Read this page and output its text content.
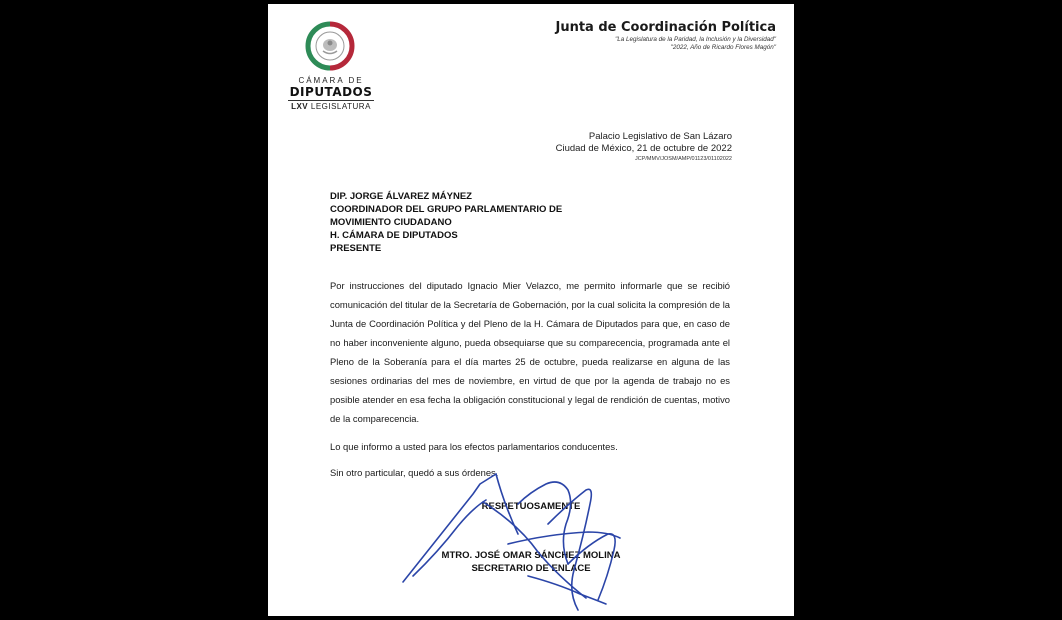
CÁMARA DE
DIPUTADOS
LXV LEGISLATURA
Junta de Coordinación Política
"La Legislatura de la Paridad, la Inclusión y la Diversidad"
"2022, Año de Ricardo Flores Magón"
Palacio Legislativo de San Lázaro
Ciudad de México, 21 de octubre de 2022
JCP/MMV/JOSM/AMP/01123/01102022
DIP. JORGE ÁLVAREZ MÁYNEZ
COORDINADOR DEL GRUPO PARLAMENTARIO DE
MOVIMIENTO CIUDADANO
H. CÁMARA DE DIPUTADOS
PRESENTE

Por instrucciones del diputado Ignacio Mier Velazco, me permito informarle que se recibió comunicación del titular de la Secretaría de Gobernación, por la cual solicita la compresión de la Junta de Coordinación Política y del Pleno de la H. Cámara de Diputados para que, en caso de no haber inconveniente alguno, pueda obsequiarse que su comparecencia, programada ante el Pleno de la Soberanía para el día martes 25 de octubre, pueda realizarse en alguna de las sesiones ordinarias del mes de noviembre, en virtud de que por la agenda de trabajo no es posible atender en esa fecha la obligación constitucional y legal de rendición de cuentas, motivo de la comparecencia.

Lo que informo a usted para los efectos parlamentarios conducentes.

Sin otro particular, quedó a sus órdenes.

RESPETUOSAMENTE
MTRO. JOSÉ OMAR SÁNCHEZ MOLINA
SECRETARIO DE ENLACE
